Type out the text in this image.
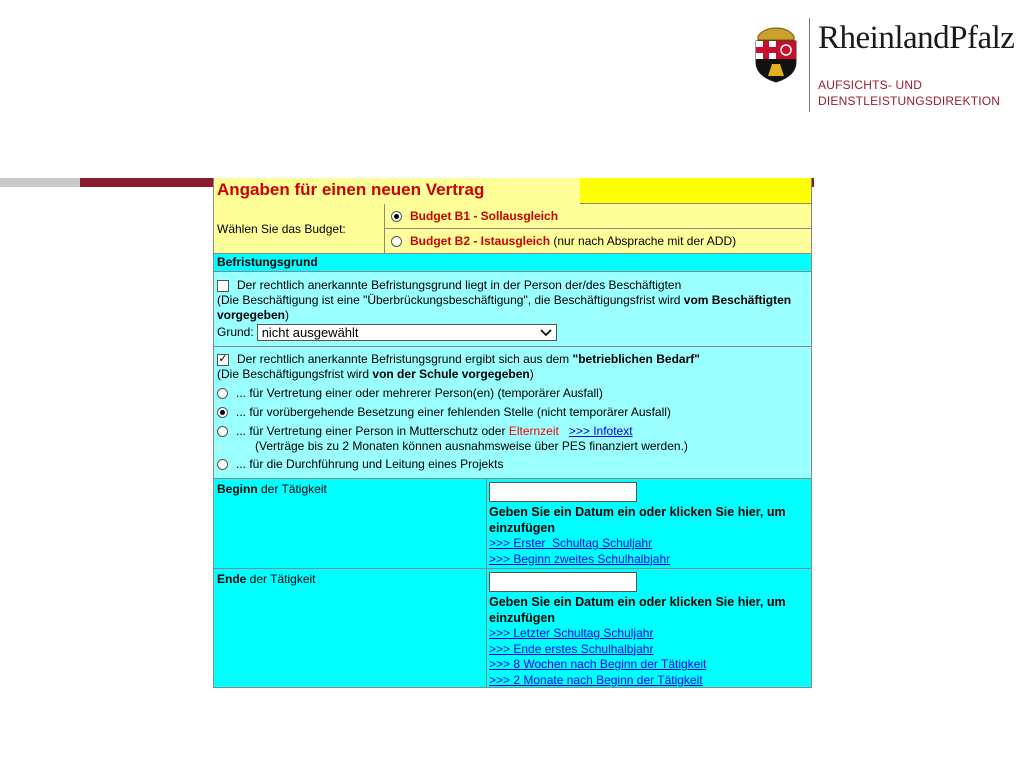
RheinlandPfalz
AUFSICHTS- UND
DIENSTLEISTUNGSDIREKTION
Angaben für einen neuen Vertrag
Wählen Sie das Budget:
Budget B1 - Sollausgleich
Budget B2 - Istausgleich (nur nach Absprache mit der ADD)
Befristungsgrund
Der rechtlich anerkannte Befristungsgrund liegt in der Person der/des Beschäftigten
(Die Beschäftigung ist eine "Überbrückungsbeschäftigung", die Beschäftigungsfrist wird vom Beschäftigten vorgegeben)
Grund: nicht ausgewählt
✓ Der rechtlich anerkannte Befristungsgrund ergibt sich aus dem "betrieblichen Bedarf"
(Die Beschäftigungsfrist wird von der Schule vorgegeben)
... für Vertretung einer oder mehrerer Person(en) (temporärer Ausfall)
... für vorübergehende Besetzung einer fehlenden Stelle (nicht temporärer Ausfall)
... für Vertretung einer Person in Mutterschutz oder Elternzeit >>> Infotext
(Verträge bis zu 2 Monaten können ausnahmsweise über PES finanziert werden.)
... für die Durchführung und Leitung eines Projekts
Beginn der Tätigkeit
Geben Sie ein Datum ein oder klicken Sie hier, um einzufügen
>>> Erster  Schultag Schuljahr
>>> Beginn zweites Schulhalbjahr
Ende der Tätigkeit
Geben Sie ein Datum ein oder klicken Sie hier, um einzufügen
>>> Letzter Schultag Schuljahr
>>> Ende erstes Schulhalbjahr
>>> 8 Wochen nach Beginn der Tätigkeit
>>> 2 Monate nach Beginn der Tätigkeit
